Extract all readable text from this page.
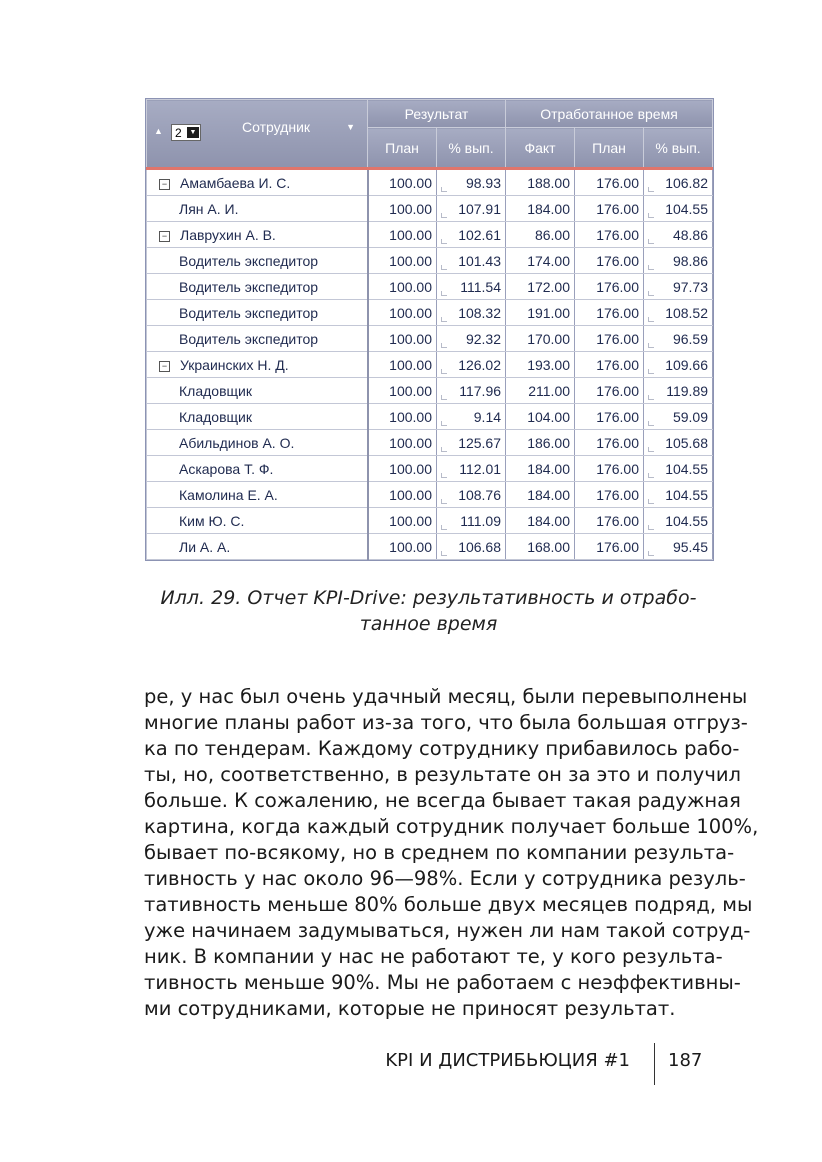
▲ 2 ▼ Сотрудник ▼	Результат		Отработанное время		
	План	% вып.	Факт	План	% вып.
− Амамбаева И. С.	100.00	98.93	188.00	176.00	106.82
Лян А. И.	100.00	107.91	184.00	176.00	104.55
− Лаврухин А. В.	100.00	102.61	86.00	176.00	48.86
Водитель экспедитор	100.00	101.43	174.00	176.00	98.86
Водитель экспедитор	100.00	111.54	172.00	176.00	97.73
Водитель экспедитор	100.00	108.32	191.00	176.00	108.52
Водитель экспедитор	100.00	92.32	170.00	176.00	96.59
− Украинских Н. Д.	100.00	126.02	193.00	176.00	109.66
Кладовщик	100.00	117.96	211.00	176.00	119.89
Кладовщик	100.00	9.14	104.00	176.00	59.09
Абильдинов А. О.	100.00	125.67	186.00	176.00	105.68
Аскарова Т. Ф.	100.00	112.01	184.00	176.00	104.55
Камолина Е. А.	100.00	108.76	184.00	176.00	104.55
Ким Ю. С.	100.00	111.09	184.00	176.00	104.55
Ли А. А.	100.00	106.68	168.00	176.00	95.45
Илл. 29. Отчет KPI-Drive: результативность и отрабо-
танное время
ре, у нас был очень удачный месяц, были перевыполнены
многие планы работ из-за того, что была большая отгруз-
ка по тендерам. Каждому сотруднику прибавилось рабо-
ты, но, соответственно, в результате он за это и получил
больше. К сожалению, не всегда бывает такая радужная
картина, когда каждый сотрудник получает больше 100%,
бывает по-всякому, но в среднем по компании результа-
тивность у нас около 96—98%. Если у сотрудника резуль-
тативность меньше 80% больше двух месяцев подряд, мы
уже начинаем задумываться, нужен ли нам такой сотруд-
ник. В компании у нас не работают те, у кого результа-
тивность меньше 90%. Мы не работаем с неэффективны-
ми сотрудниками, которые не приносят результат.
KPI И ДИСТРИБЬЮЦИЯ #1 187
